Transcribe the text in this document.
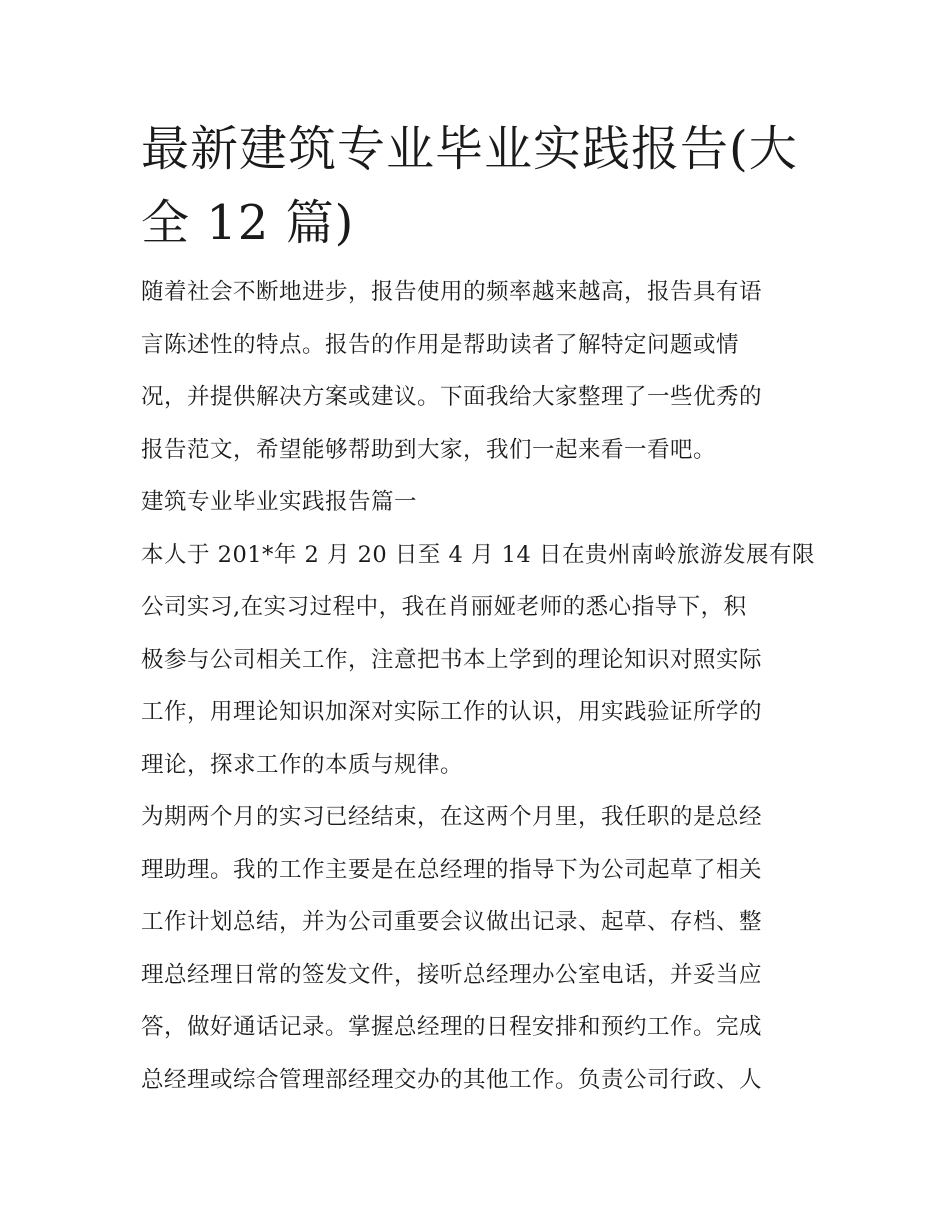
最新建筑专业毕业实践报告(大
全 12 篇)

随着社会不断地进步，报告使用的频率越来越高，报告具有语
言陈述性的特点。报告的作用是帮助读者了解特定问题或情
况，并提供解决方案或建议。下面我给大家整理了一些优秀的
报告范文，希望能够帮助到大家，我们一起来看一看吧。

建筑专业毕业实践报告篇一

本人于 201*年 2 月 20 日至 4 月 14 日在贵州南岭旅游发展有限
公司实习,在实习过程中，我在肖丽娅老师的悉心指导下，积
极参与公司相关工作，注意把书本上学到的理论知识对照实际
工作，用理论知识加深对实际工作的认识，用实践验证所学的
理论，探求工作的本质与规律。

为期两个月的实习已经结束，在这两个月里，我任职的是总经
理助理。我的工作主要是在总经理的指导下为公司起草了相关
工作计划总结，并为公司重要会议做出记录、起草、存档、整
理总经理日常的签发文件，接听总经理办公室电话，并妥当应
答，做好通话记录。掌握总经理的日程安排和预约工作。完成
总经理或综合管理部经理交办的其他工作。负责公司行政、人
